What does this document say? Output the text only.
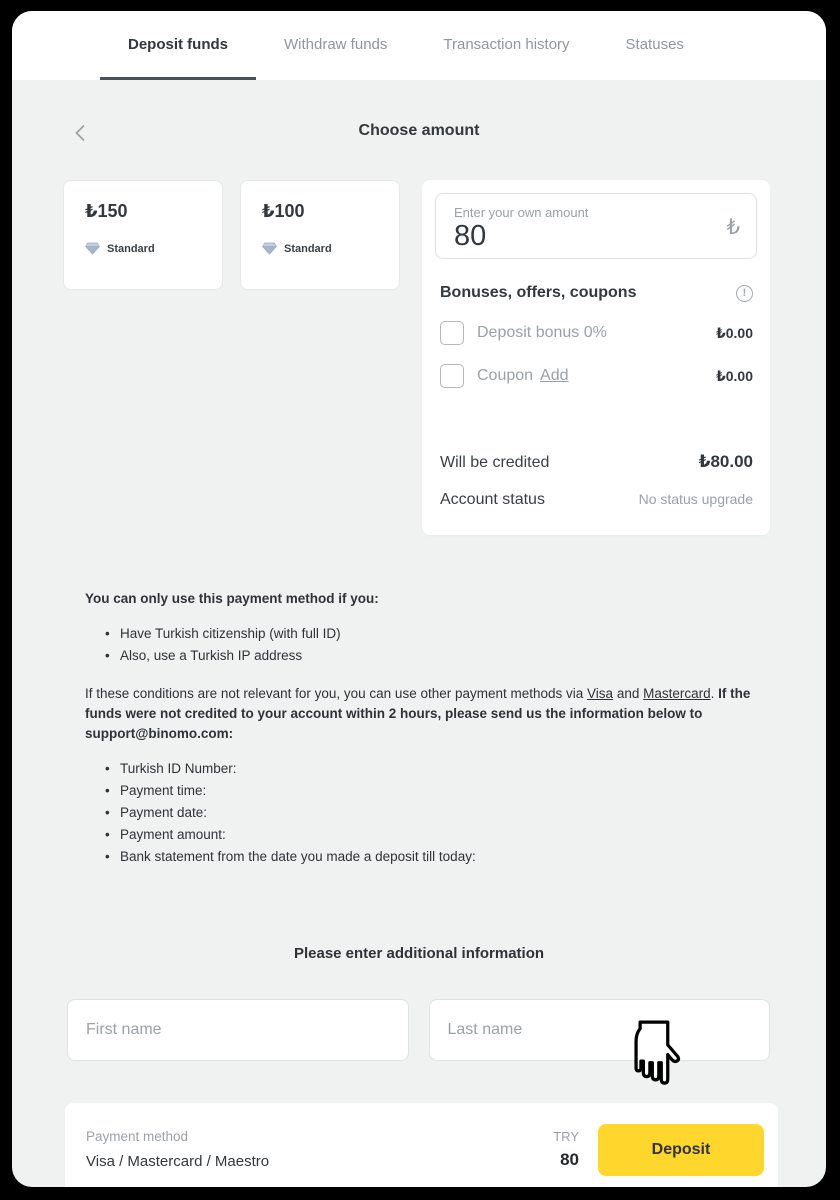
Deposit funds	Withdraw funds	Transaction history	Statuses
Choose amount
₺150
Standard
₺100
Standard
Enter your own amount
80	₺
Bonuses, offers, coupons	!
Deposit bonus 0%	₺0.00
Coupon Add	₺0.00
Will be credited	₺80.00
Account status	No status upgrade
You can only use this payment method if you:
• Have Turkish citizenship (with full ID)
• Also, use a Turkish IP address
If these conditions are not relevant for you, you can use other payment methods via Visa and Mastercard. If the funds were not credited to your account within 2 hours, please send us the information below to support@binomo.com:
• Turkish ID Number:
• Payment time:
• Payment date:
• Payment amount:
• Bank statement from the date you made a deposit till today:
Please enter additional information
First name
Last name
Payment method
Visa / Mastercard / Maestro
TRY
80
Deposit
